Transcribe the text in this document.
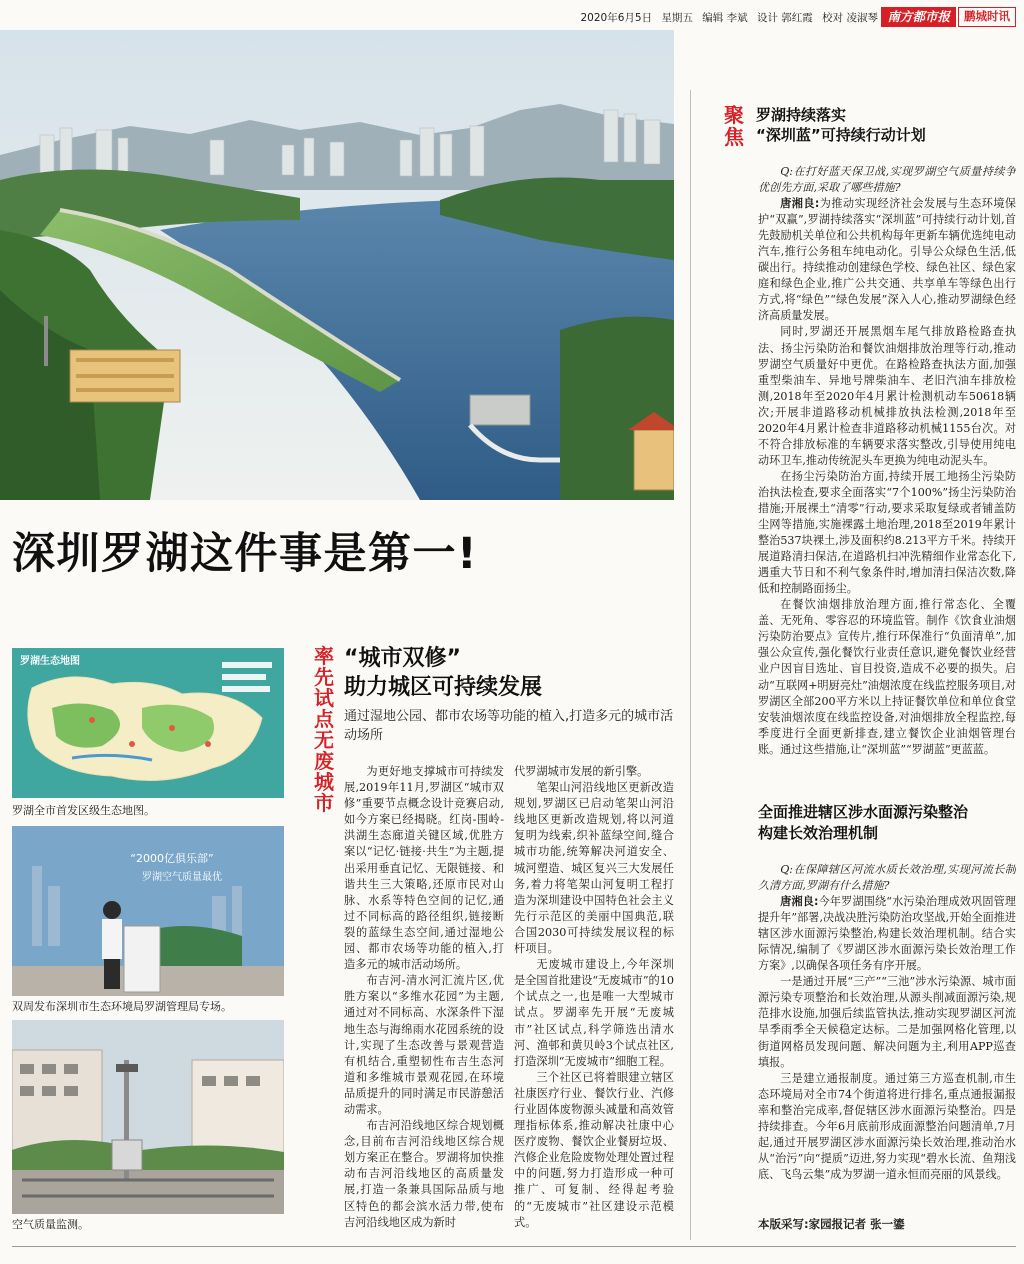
2020年6月5日 星期五 编辑 李斌 设计 郭红霞 校对 凌淑琴 南方都市报	鹏城时讯
深圳罗湖这件事是第一!
罗湖生态地图
罗湖全市首发区级生态地图。
“2000亿俱乐部”
罗湖空气质量最优
双周发布深圳市生态环境局罗湖管理局专场。
空气质量监测。
率
先
试
点
无
废
城
市
“城市双修”
助力城区可持续发展
通过湿地公园、都市农场等功能的植入,打造多元的城市活动场所

为更好地支撑城市可持续发展,2019年11月,罗湖区“城市双修”重要节点概念设计竞赛启动,如今方案已经揭晓。红岗-围岭-洪湖生态廊道关键区域,优胜方案以“记忆·链接·共生”为主题,提出采用垂直记忆、无限链接、和谐共生三大策略,还原市民对山脉、水系等特色空间的记忆,通过不同标高的路径组织,链接断裂的蓝绿生态空间,通过湿地公园、都市农场等功能的植入,打造多元的城市活动场所。

布吉河-清水河汇流片区,优胜方案以“多维水花园”为主题,通过对不同标高、水深条件下湿地生态与海绵雨水花园系统的设计,实现了生态改善与景观营造有机结合,重塑韧性布吉生态河道和多维城市景观花园,在环境品质提升的同时满足市民游憩活动需求。

布吉河沿线地区综合规划概念,目前布吉河沿线地区综合规划方案正在整合。罗湖将加快推动布吉河沿线地区的高质量发展,打造一条兼具国际品质与地区特色的都会滨水活力带,使布吉河沿线地区成为新时

代罗湖城市发展的新引擎。

笔架山河沿线地区更新改造规划,罗湖区已启动笔架山河沿线地区更新改造规划,将以河道复明为线索,织补蓝绿空间,缝合城市功能,统筹解决河道安全、城河塑造、城区复兴三大发展任务,着力将笔架山河复明工程打造为深圳建设中国特色社会主义先行示范区的美丽中国典范,联合国2030可持续发展议程的标杆项目。

无废城市建设上,今年深圳是全国首批建设“无废城市”的10个试点之一,也是唯一大型城市试点。罗湖率先开展“无废城市”社区试点,科学筛选出清水河、渔邨和黄贝岭3个试点社区,打造深圳“无废城市”细胞工程。

三个社区已将着眼建立辖区社康医疗行业、餐饮行业、汽修行业固体废物源头减量和高效管理指标体系,推动解决社康中心医疗废物、餐饮企业餐厨垃圾、汽修企业危险废物处理处置过程中的问题,努力打造形成一种可推广、可复制、经得起考验的“无废城市”社区建设示范模式。

聚
焦
罗湖持续落实
“深圳蓝”可持续行动计划

Q:在打好蓝天保卫战,实现罗湖空气质量持续争优创先方面,采取了哪些措施?

唐湘良:为推动实现经济社会发展与生态环境保护“双赢”,罗湖持续落实“深圳蓝”可持续行动计划,首先鼓励机关单位和公共机构每年更新车辆优选纯电动汽车,推行公务租车纯电动化。引导公众绿色生活,低碳出行。持续推动创建绿色学校、绿色社区、绿色家庭和绿色企业,推广公共交通、共享单车等绿色出行方式,将“绿色”“绿色发展”深入人心,推动罗湖绿色经济高质量发展。

同时,罗湖还开展黑烟车尾气排放路检路查执法、扬尘污染防治和餐饮油烟排放治理等行动,推动罗湖空气质量好中更优。在路检路查执法方面,加强重型柴油车、异地号牌柴油车、老旧汽油车排放检测,2018年至2020年4月累计检测机动车50618辆次;开展非道路移动机械排放执法检测,2018年至2020年4月累计检查非道路移动机械1155台次。对不符合排放标准的车辆要求落实整改,引导使用纯电动环卫车,推动传统泥头车更换为纯电动泥头车。

在扬尘污染防治方面,持续开展工地扬尘污染防治执法检查,要求全面落实“7个100%”扬尘污染防治措施;开展裸土“清零”行动,要求采取复绿或者铺盖防尘网等措施,实施裸露土地治理,2018至2019年累计整治537块裸土,涉及面积约8.213平方千米。持续开展道路清扫保洁,在道路机扫冲洗精细作业常态化下,遇重大节日和不利气象条件时,增加清扫保洁次数,降低和控制路面扬尘。

在餐饮油烟排放治理方面,推行常态化、全覆盖、无死角、零容忍的环境监管。制作《饮食业油烟污染防治要点》宣传片,推行环保准行“负面清单”,加强公众宣传,强化餐饮行业责任意识,避免餐饮业经营业户因盲目选址、盲目投资,造成不必要的损失。启动“互联网+明厨亮灶”油烟浓度在线监控服务项目,对罗湖区全部200平方米以上持证餐饮单位和单位食堂安装油烟浓度在线监控设备,对油烟排放全程监控,每季度进行全面更新排查,建立餐饮企业油烟管理台账。通过这些措施,让“深圳蓝”“罗湖蓝”更蓝蓝。

全面推进辖区涉水面源污染整治
构建长效治理机制

Q:在保障辖区河流水质长效治理,实现河流长制久清方面,罗湖有什么措施?

唐湘良:今年罗湖围绕“水污染治理成效巩固管理提升年”部署,决战决胜污染防治攻坚战,开始全面推进辖区涉水面源污染整治,构建长效治理机制。结合实际情况,编制了《罗湖区涉水面源污染长效治理工作方案》,以确保各项任务有序开展。

一是通过开展“三产”“三池”涉水污染源、城市面源污染专项整治和长效治理,从源头削减面源污染,规范排水设施,加强后续监管执法,推动实现罗湖区河流旱季雨季全天候稳定达标。二是加强网格化管理,以街道网格员发现问题、解决问题为主,利用APP巡查填报。

三是建立通报制度。通过第三方巡查机制,市生态环境局对全市74个街道将进行排名,重点通报漏报率和整治完成率,督促辖区涉水面源污染整治。四是持续排查。今年6月底前形成面源整治问题清单,7月起,通过开展罗湖区涉水面源污染长效治理,推动治水从“治污”向“提质”迈进,努力实现“碧水长流、鱼翔浅底、飞鸟云集”成为罗湖一道永恒而亮丽的风景线。

本版采写:家园报记者 张一鎏
